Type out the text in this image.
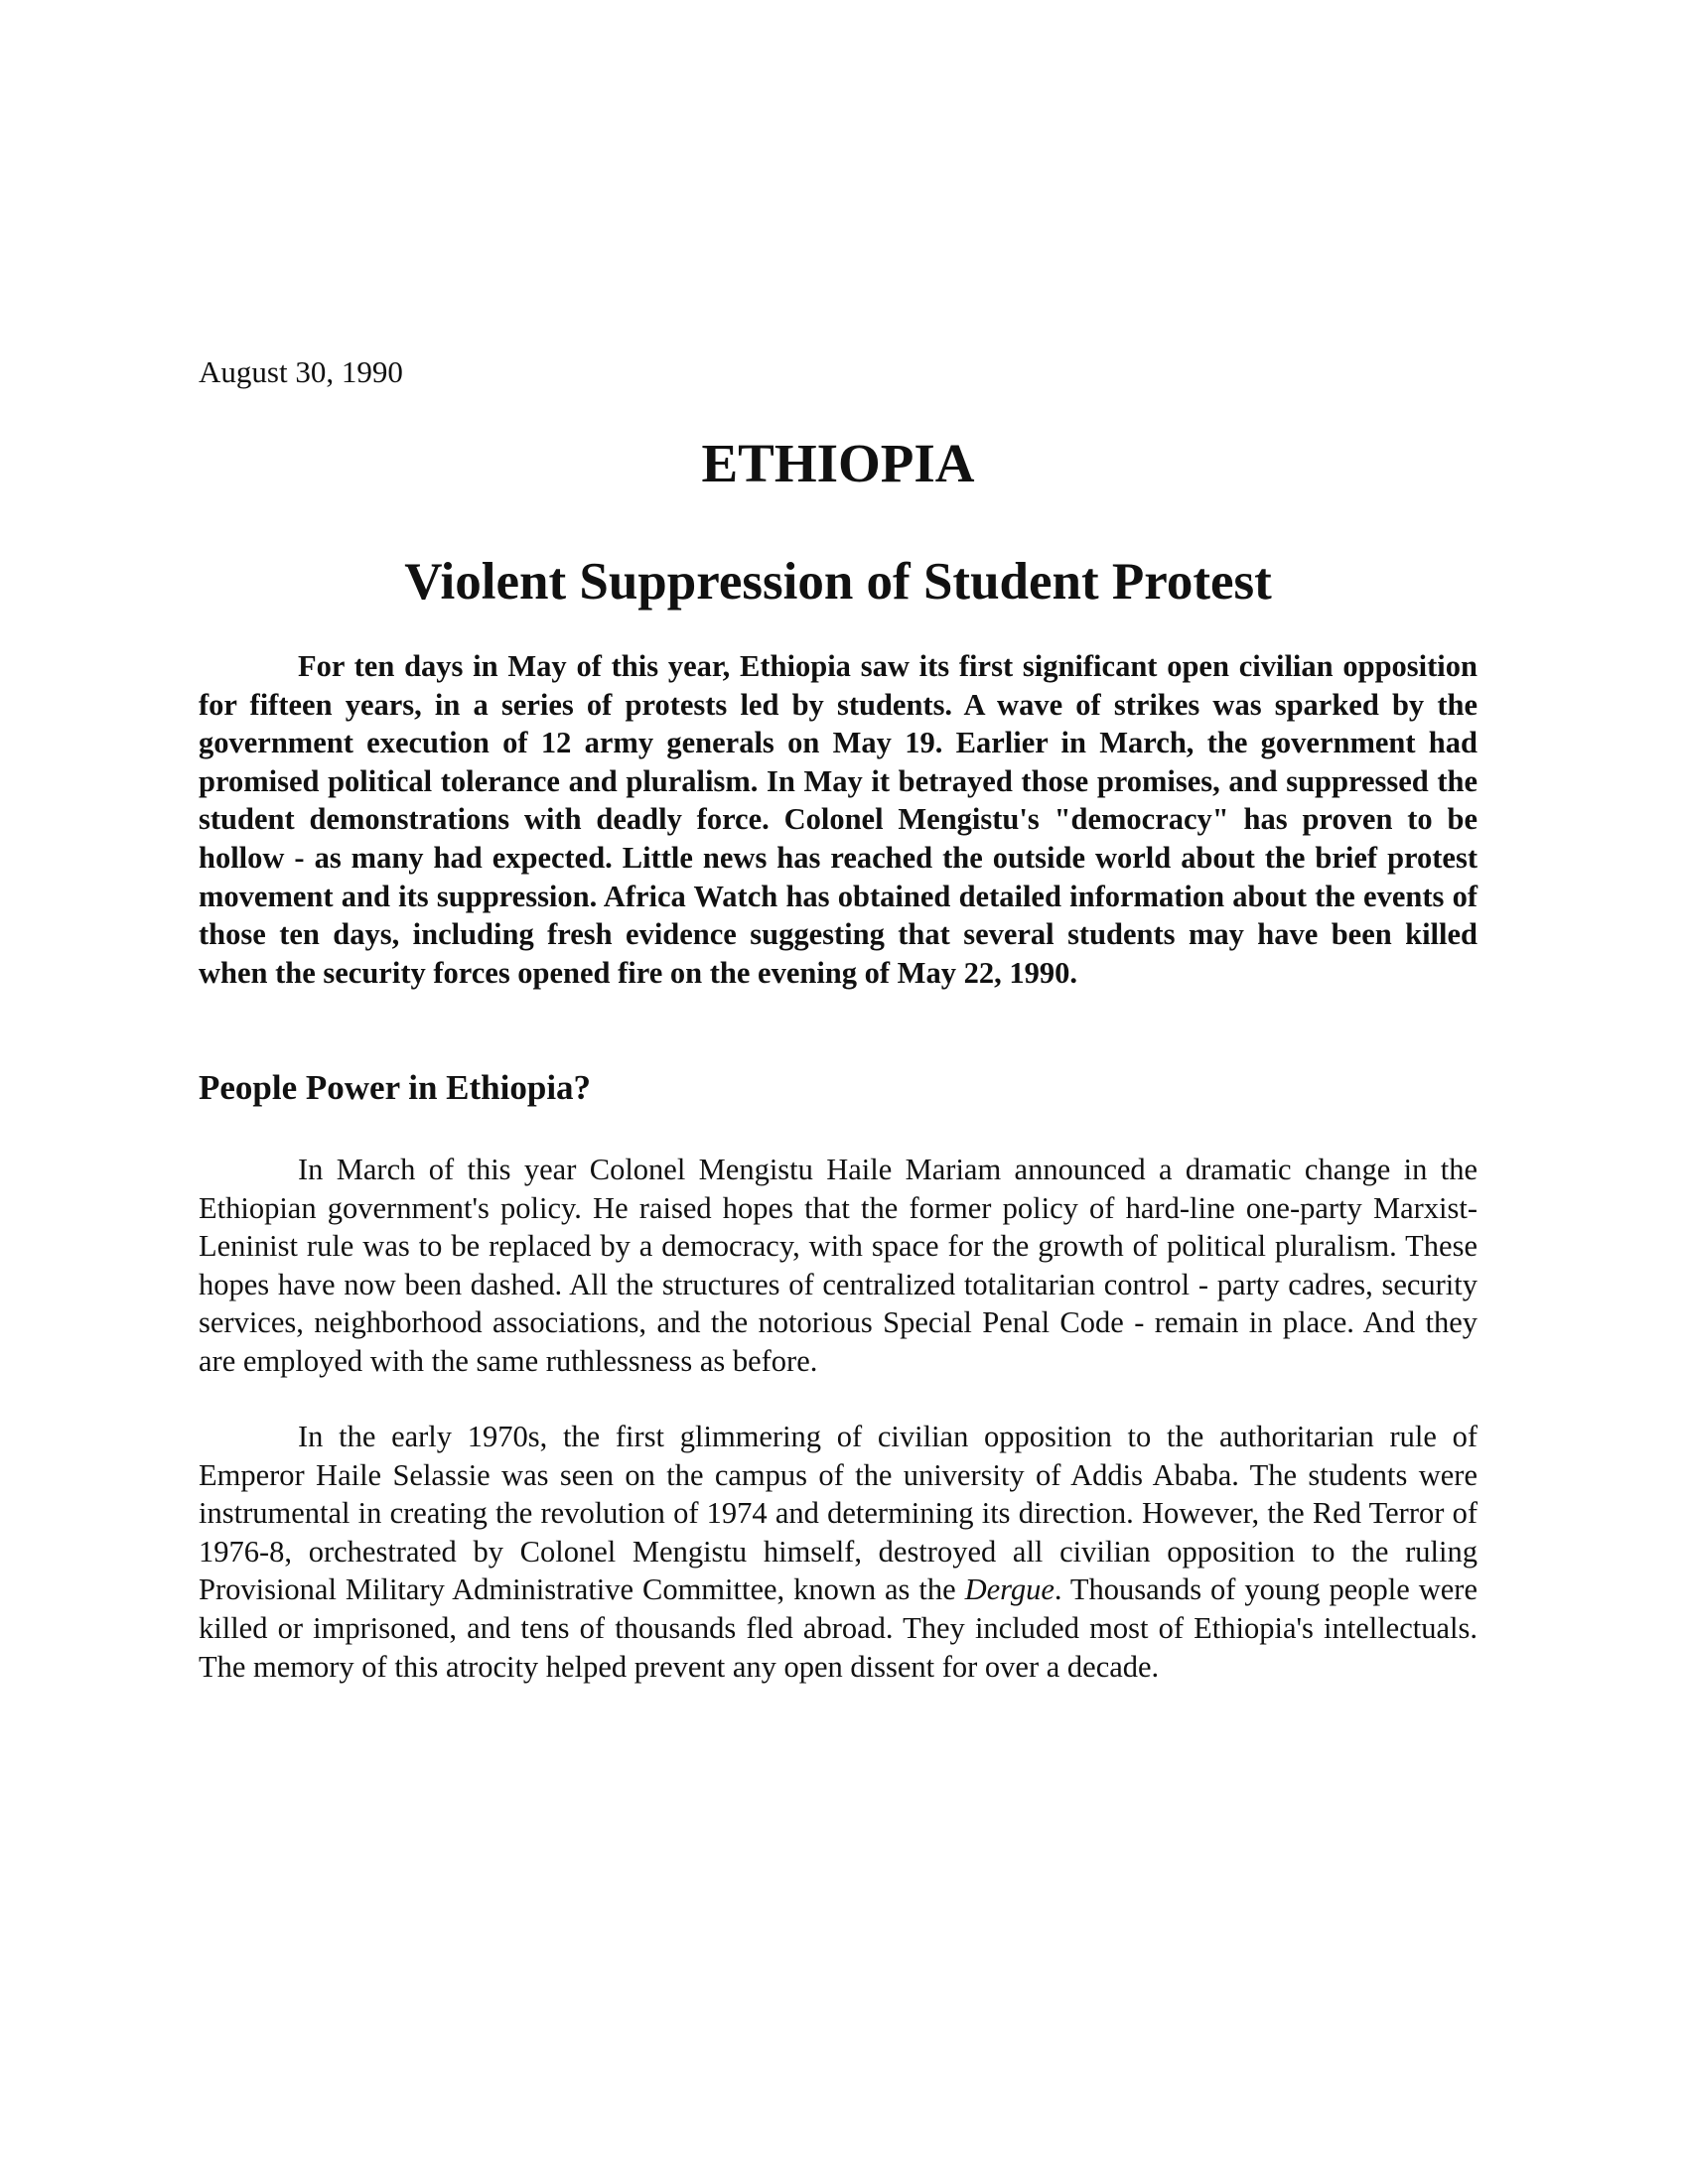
August 30, 1990
ETHIOPIA
Violent Suppression of Student Protest

For ten days in May of this year, Ethiopia saw its first significant open civilian opposition for fifteen years, in a series of protests led by students. A wave of strikes was sparked by the government execution of 12 army generals on May 19. Earlier in March, the government had promised political tolerance and pluralism. In May it betrayed those promises, and suppressed the student demonstrations with deadly force. Colonel Mengistu's "democracy" has proven to be hollow - as many had expected. Little news has reached the outside world about the brief protest movement and its suppression. Africa Watch has obtained detailed information about the events of those ten days, including fresh evidence suggesting that several students may have been killed when the security forces opened fire on the evening of May 22, 1990.

People Power in Ethiopia?

In March of this year Colonel Mengistu Haile Mariam announced a dramatic change in the Ethiopian government's policy. He raised hopes that the former policy of hard-line one-party Marxist-Leninist rule was to be replaced by a democracy, with space for the growth of political pluralism. These hopes have now been dashed. All the structures of centralized totalitarian control - party cadres, security services, neighborhood associations, and the notorious Special Penal Code - remain in place. And they are employed with the same ruthlessness as before.

In the early 1970s, the first glimmering of civilian opposition to the authoritarian rule of Emperor Haile Selassie was seen on the campus of the university of Addis Ababa. The students were instrumental in creating the revolution of 1974 and determining its direction. However, the Red Terror of 1976-8, orchestrated by Colonel Mengistu himself, destroyed all civilian opposition to the ruling Provisional Military Administrative Committee, known as the Dergue. Thousands of young people were killed or imprisoned, and tens of thousands fled abroad. They included most of Ethiopia's intellectuals. The memory of this atrocity helped prevent any open dissent for over a decade.
